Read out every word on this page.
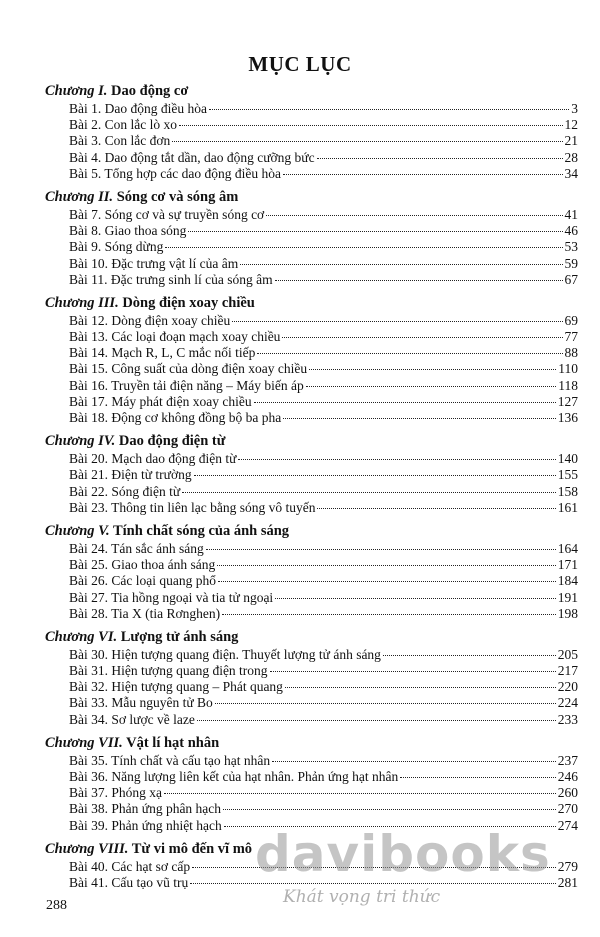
MỤC LỤC
Chương I. Dao động cơ
Bài 1. Dao động điều hòa	3
Bài 2. Con lắc lò xo	12
Bài 3. Con lắc đơn	21
Bài 4. Dao động tắt dần, dao động cưỡng bức	28
Bài 5. Tổng hợp các dao động điều hòa	34
Chương II. Sóng cơ và sóng âm
Bài 7. Sóng cơ và sự truyền sóng cơ	41
Bài 8. Giao thoa sóng	46
Bài 9. Sóng dừng	53
Bài 10. Đặc trưng vật lí của âm	59
Bài 11. Đặc trưng sinh lí của sóng âm	67
Chương III. Dòng điện xoay chiều
Bài 12. Dòng điện xoay chiều	69
Bài 13. Các loại đoạn mạch xoay chiều	77
Bài 14. Mạch R, L, C mắc nối tiếp	88
Bài 15. Công suất của dòng điện xoay chiều	110
Bài 16. Truyền tải điện năng – Máy biến áp	118
Bài 17. Máy phát điện xoay chiều	127
Bài 18. Động cơ không đồng bộ ba pha	136
Chương IV. Dao động điện từ
Bài 20. Mạch dao động điện từ	140
Bài 21. Điện từ trường	155
Bài 22. Sóng điện từ	158
Bài 23. Thông tin liên lạc bằng sóng vô tuyến	161
Chương V. Tính chất sóng của ánh sáng
Bài 24. Tán sắc ánh sáng	164
Bài 25. Giao thoa ánh sáng	171
Bài 26. Các loại quang phổ	184
Bài 27. Tia hồng ngoại và tia tử ngoại	191
Bài 28. Tia X (tia Rơnghen)	198
Chương VI. Lượng tử ánh sáng
Bài 30. Hiện tượng quang điện. Thuyết lượng tử ánh sáng	205
Bài 31. Hiện tượng quang điện trong	217
Bài 32. Hiện tượng quang – Phát quang	220
Bài 33. Mẫu nguyên tử Bo	224
Bài 34. Sơ lược về laze	233
Chương VII. Vật lí hạt nhân
Bài 35. Tính chất và cấu tạo hạt nhân	237
Bài 36. Năng lượng liên kết của hạt nhân. Phản ứng hạt nhân	246
Bài 37. Phóng xạ	260
Bài 38. Phản ứng phân hạch	270
Bài 39. Phản ứng nhiệt hạch	274
Chương VIII. Từ vi mô đến vĩ mô
Bài 40. Các hạt sơ cấp	279
Bài 41. Cấu tạo vũ trụ	281
288
davibooks
Khát vọng tri thức
